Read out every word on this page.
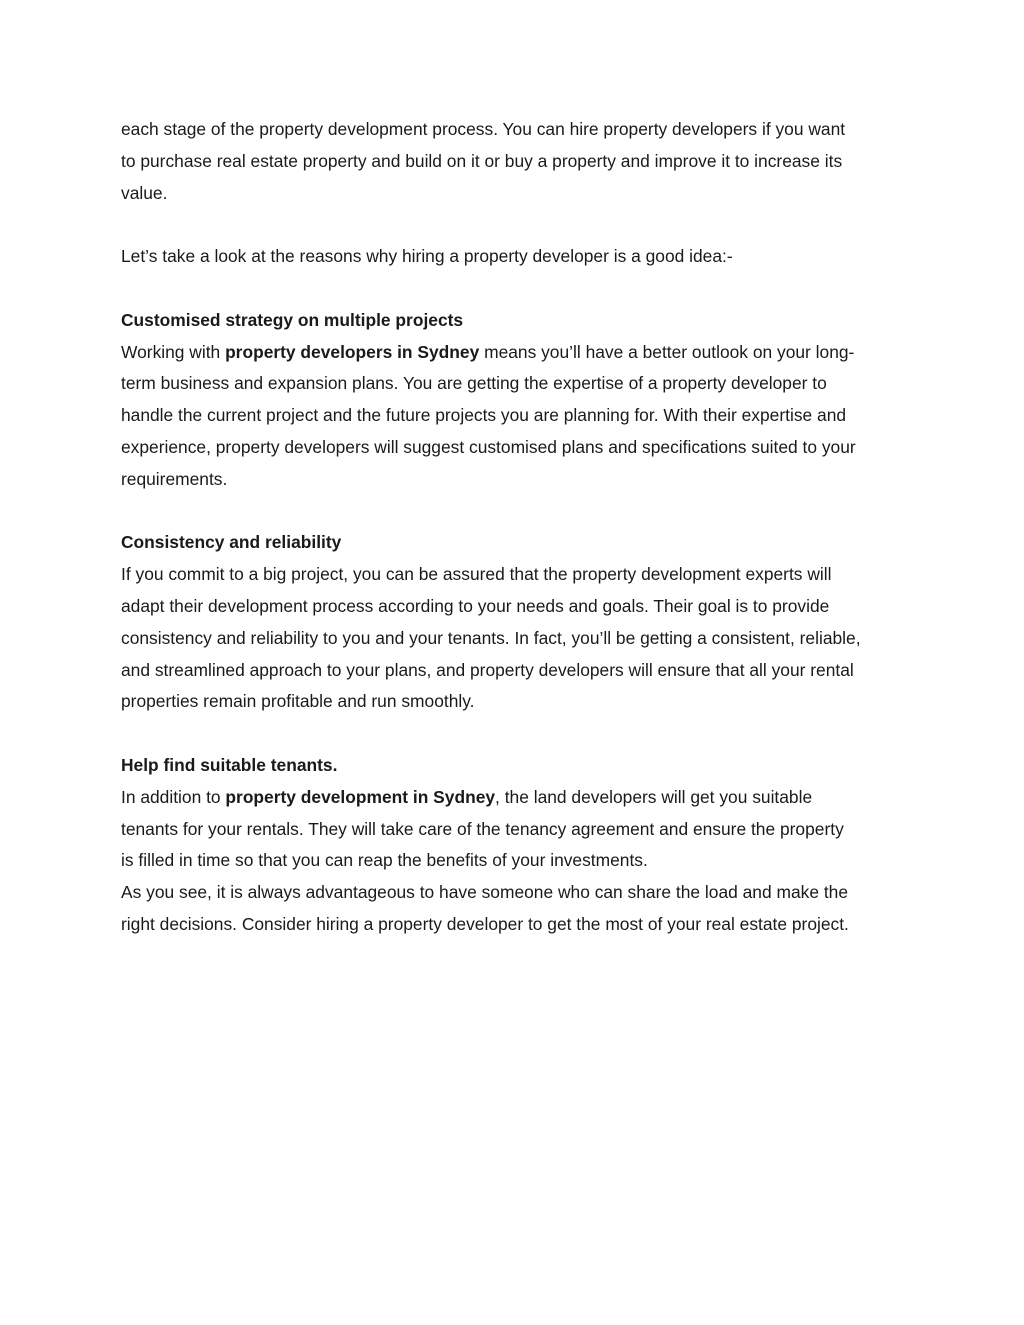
each stage of the property development process. You can hire property developers if you want
to purchase real estate property and build on it or buy a property and improve it to increase its
value.

Let’s take a look at the reasons why hiring a property developer is a good idea:-

Customised strategy on multiple projects

Working with property developers in Sydney means you’ll have a better outlook on your long-
term business and expansion plans. You are getting the expertise of a property developer to
handle the current project and the future projects you are planning for. With their expertise and
experience, property developers will suggest customised plans and specifications suited to your
requirements.

Consistency and reliability

If you commit to a big project, you can be assured that the property development experts will
adapt their development process according to your needs and goals. Their goal is to provide
consistency and reliability to you and your tenants. In fact, you’ll be getting a consistent, reliable,
and streamlined approach to your plans, and property developers will ensure that all your rental
properties remain profitable and run smoothly.

Help find suitable tenants.

In addition to property development in Sydney, the land developers will get you suitable
tenants for your rentals. They will take care of the tenancy agreement and ensure the property
is filled in time so that you can reap the benefits of your investments.
As you see, it is always advantageous to have someone who can share the load and make the
right decisions. Consider hiring a property developer to get the most of your real estate project.
